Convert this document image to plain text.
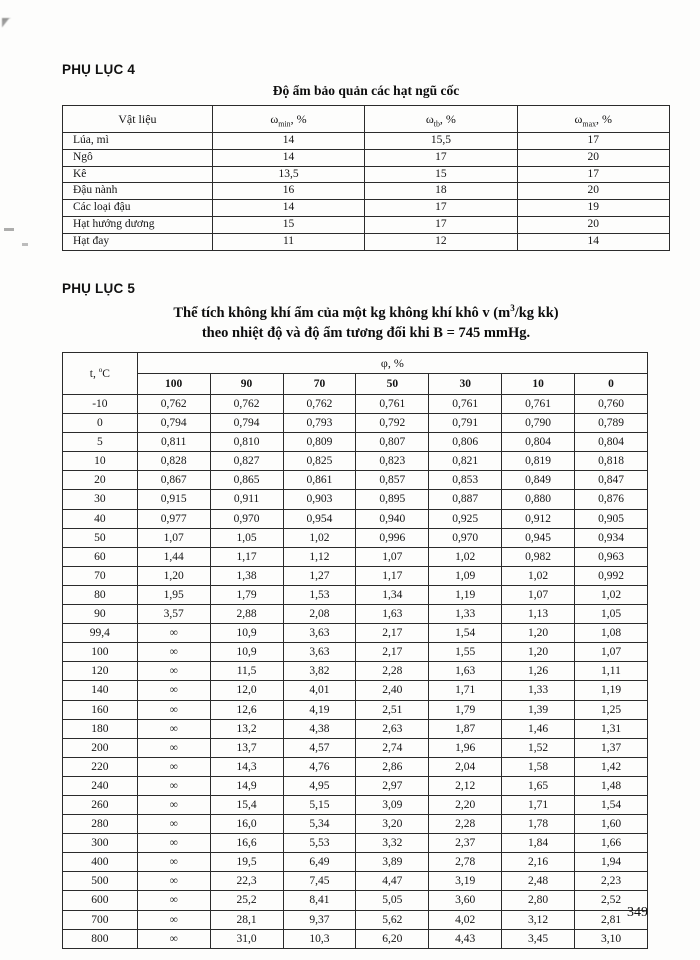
PHỤ LỤC 4
Độ ẩm bảo quản các hạt ngũ cốc
Vật liệu	$\omega_{min}$, %	$\omega_{tb}$, %	$\omega_{max}$, %
Lúa, mì	14	15,5	17
Ngô	14	17	20
Kê	13,5	15	17
Đậu nành	16	18	20
Các loại đậu	14	17	19
Hạt hướng dương	15	17	20
Hạt đay	11	12	14
PHỤ LỤC 5
Thể tích không khí ẩm của một kg không khí khô v ($m^3/kg$ kk)
theo nhiệt độ và độ ẩm tương đối khi B = 745 mmHg.
t, $^o$C	φ, %						
	100	90	70	50	30	10	0
-10	0,762	0,762	0,762	0,761	0,761	0,761	0,760
0	0,794	0,794	0,793	0,792	0,791	0,790	0,789
5	0,811	0,810	0,809	0,807	0,806	0,804	0,804
10	0,828	0,827	0,825	0,823	0,821	0,819	0,818
20	0,867	0,865	0,861	0,857	0,853	0,849	0,847
30	0,915	0,911	0,903	0,895	0,887	0,880	0,876
40	0,977	0,970	0,954	0,940	0,925	0,912	0,905
50	1,07	1,05	1,02	0,996	0,970	0,945	0,934
60	1,44	1,17	1,12	1,07	1,02	0,982	0,963
70	1,20	1,38	1,27	1,17	1,09	1,02	0,992
80	1,95	1,79	1,53	1,34	1,19	1,07	1,02
90	3,57	2,88	2,08	1,63	1,33	1,13	1,05
99,4	∞	10,9	3,63	2,17	1,54	1,20	1,08
100	∞	10,9	3,63	2,17	1,55	1,20	1,07
120	∞	11,5	3,82	2,28	1,63	1,26	1,11
140	∞	12,0	4,01	2,40	1,71	1,33	1,19
160	∞	12,6	4,19	2,51	1,79	1,39	1,25
180	∞	13,2	4,38	2,63	1,87	1,46	1,31
200	∞	13,7	4,57	2,74	1,96	1,52	1,37
220	∞	14,3	4,76	2,86	2,04	1,58	1,42
240	∞	14,9	4,95	2,97	2,12	1,65	1,48
260	∞	15,4	5,15	3,09	2,20	1,71	1,54
280	∞	16,0	5,34	3,20	2,28	1,78	1,60
300	∞	16,6	5,53	3,32	2,37	1,84	1,66
400	∞	19,5	6,49	3,89	2,78	2,16	1,94
500	∞	22,3	7,45	4,47	3,19	2,48	2,23
600	∞	25,2	8,41	5,05	3,60	2,80	2,52
700	∞	28,1	9,37	5,62	4,02	3,12	2,81
800	∞	31,0	10,3	6,20	4,43	3,45	3,10
349
